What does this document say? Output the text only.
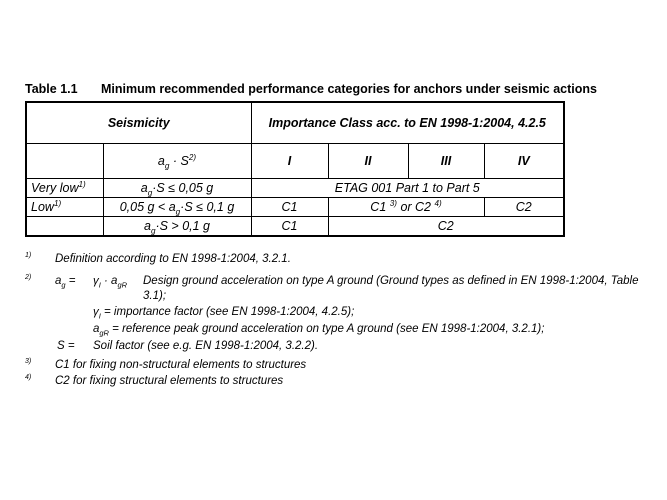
Table 1.1 Minimum recommended performance categories for anchors under seismic actions
Seismicity		Importance Class acc. to EN 1998-1:2004, 4.2.5			
	$a_g \cdot S^{2)}$	I	II	III	IV
Very low$^{1)}$	$a_g\cdot S \le 0,05$ g	ETAG 001 Part 1 to Part 5			
Low$^{1)}$	0,05 $g < a_g\cdot S \le 0,1$ g	C1	C1 $^{3)}$ or C2 $^{4)}$		C2
	$a_g\cdot S > 0,1$ g	C1	C2		
1) Definition according to EN 1998-1:2004, 3.2.1.
2) $a_g = \gamma_I \cdot a_{gR}$ Design ground acceleration on type A ground (Ground types as defined in EN 1998-1:2004, Table 3.1);
$\gamma_I$ = importance factor (see EN 1998-1:2004, 4.2.5);
$a_{gR}$ = reference peak ground acceleration on type A ground (see EN 1998-1:2004, 3.2.1);
S = Soil factor (see e.g. EN 1998-1:2004, 3.2.2).
3) C1 for fixing non-structural elements to structures
4) C2 for fixing structural elements to structures
